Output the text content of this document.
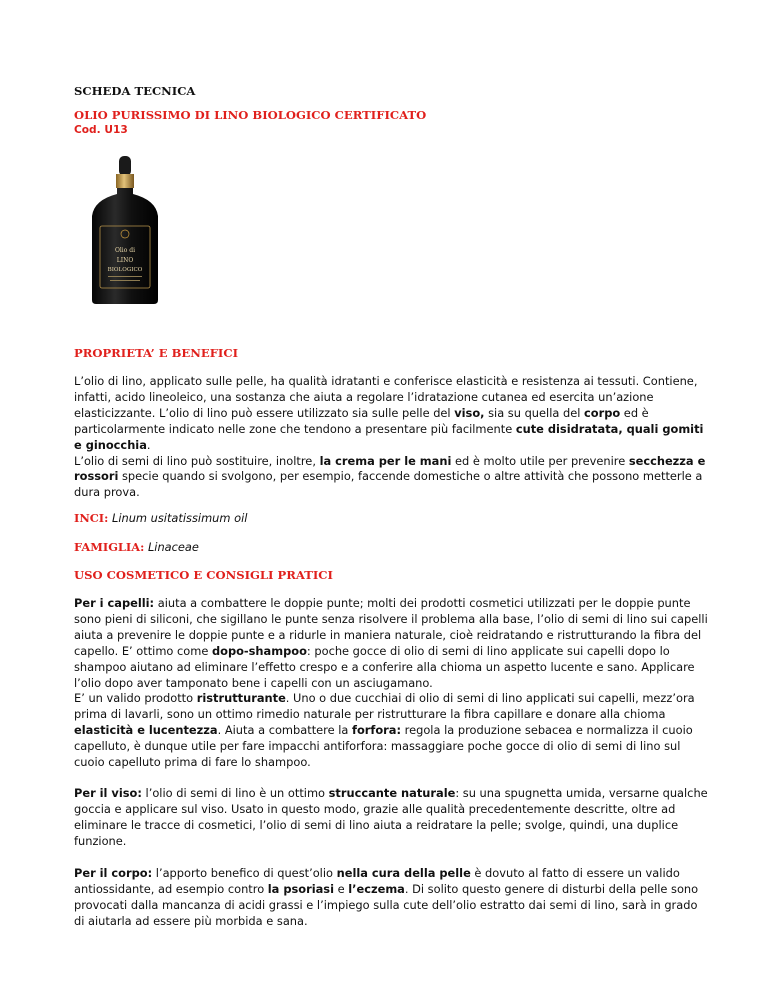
SCHEDA TECNICA
OLIO PURISSIMO DI LINO BIOLOGICO CERTIFICATO
Cod. U13
Olio di
LINO
BIOLOGICO
PROPRIETA’ E BENEFICI

L’olio di lino, applicato sulle pelle, ha qualità idratanti e conferisce elasticità e resistenza ai tessuti. Contiene, infatti, acido lineoleico, una sostanza che aiuta a regolare l’idratazione cutanea ed esercita un’azione elasticizzante. L’olio di lino può essere utilizzato sia sulle pelle del viso, sia su quella del corpo ed è particolarmente indicato nelle zone che tendono a presentare più facilmente cute disidratata, quali gomiti e ginocchia.

L’olio di semi di lino può sostituire, inoltre, la crema per le mani ed è molto utile per prevenire secchezza e rossori specie quando si svolgono, per esempio, faccende domestiche o altre attività che possono metterle a dura prova.

INCI: Linum usitatissimum oil

FAMIGLIA: Linaceae

USO COSMETICO E CONSIGLI PRATICI

Per i capelli: aiuta a combattere le doppie punte; molti dei prodotti cosmetici utilizzati per le doppie punte sono pieni di siliconi, che sigillano le punte senza risolvere il problema alla base, l’olio di semi di lino sui capelli aiuta a prevenire le doppie punte e a ridurle in maniera naturale, cioè reidratando e ristrutturando la fibra del capello. E’ ottimo come dopo-shampoo: poche gocce di olio di semi di lino applicate sui capelli dopo lo shampoo aiutano ad eliminare l’effetto crespo e a conferire alla chioma un aspetto lucente e sano. Applicare l’olio dopo aver tamponato bene i capelli con un asciugamano.

E’ un valido prodotto ristrutturante. Uno o due cucchiai di olio di semi di lino applicati sui capelli, mezz’ora prima di lavarli, sono un ottimo rimedio naturale per ristrutturare la fibra capillare e donare alla chioma elasticità e lucentezza. Aiuta a combattere la forfora: regola la produzione sebacea e normalizza il cuoio capelluto, è dunque utile per fare impacchi antiforfora: massaggiare poche gocce di olio di semi di lino sul cuoio capelluto prima di fare lo shampoo.

Per il viso: l’olio di semi di lino è un ottimo struccante naturale: su una spugnetta umida, versarne qualche goccia e applicare sul viso. Usato in questo modo, grazie alle qualità precedentemente descritte, oltre ad eliminare le tracce di cosmetici, l’olio di semi di lino aiuta a reidratare la pelle; svolge, quindi, una duplice funzione.

Per il corpo: l’apporto benefico di quest’olio nella cura della pelle è dovuto al fatto di essere un valido antiossidante, ad esempio contro la psoriasi e l’eczema. Di solito questo genere di disturbi della pelle sono provocati dalla mancanza di acidi grassi e l’impiego sulla cute dell’olio estratto dai semi di lino, sarà in grado di aiutarla ad essere più morbida e sana.
